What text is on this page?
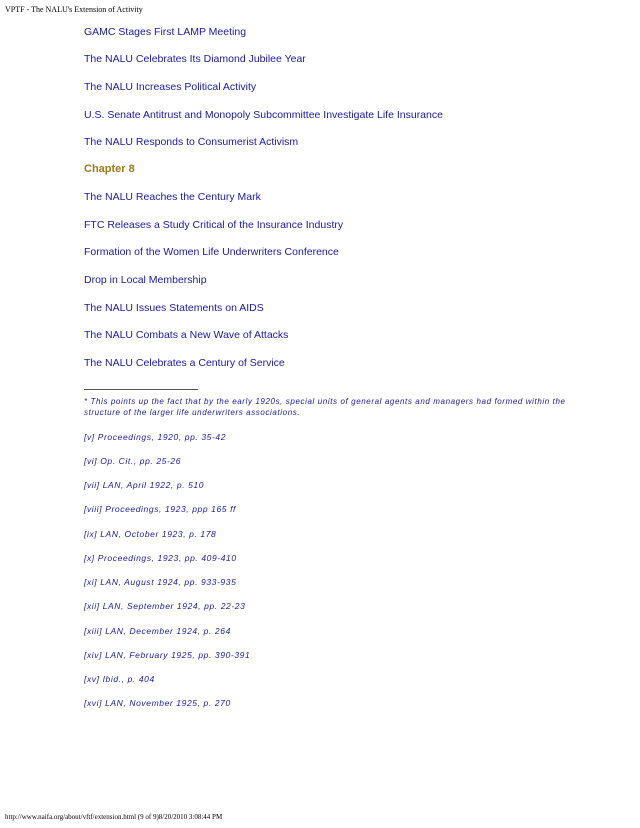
VPTF - The NALU's Extension of Activity
GAMC Stages First LAMP Meeting
The NALU Celebrates Its Diamond Jubilee Year
The NALU Increases Political Activity
U.S. Senate Antitrust and Monopoly Subcommittee Investigate Life Insurance
The NALU Responds to Consumerist Activism
Chapter 8
The NALU Reaches the Century Mark
FTC Releases a Study Critical of the Insurance Industry
Formation of the Women Life Underwriters Conference
Drop in Local Membership
The NALU Issues Statements on AIDS
The NALU Combats a New Wave of Attacks
The NALU Celebrates a Century of Service
* This points up the fact that by the early 1920s, special units of general agents and managers had formed within the structure of the larger life underwriters associations.
[v] Proceedings, 1920, pp. 35-42
[vi] Op. Cit., pp. 25-26
[vii] LAN, April 1922, p. 510
[viii] Proceedings, 1923, ppp 165 ff
[ix] LAN, October 1923, p. 178
[x] Proceedings, 1923, pp. 409-410
[xi] LAN, August 1924, pp. 933-935
[xii] LAN, September 1924, pp. 22-23
[xiii] LAN, December 1924, p. 264
[xiv] LAN, February 1925, pp. 390-391
[xv] Ibid., p. 404
[xvi] LAN, November 1925, p. 270
http://www.naifa.org/about/vftf/extension.html (9 of 9)8/20/2010 3:08:44 PM
